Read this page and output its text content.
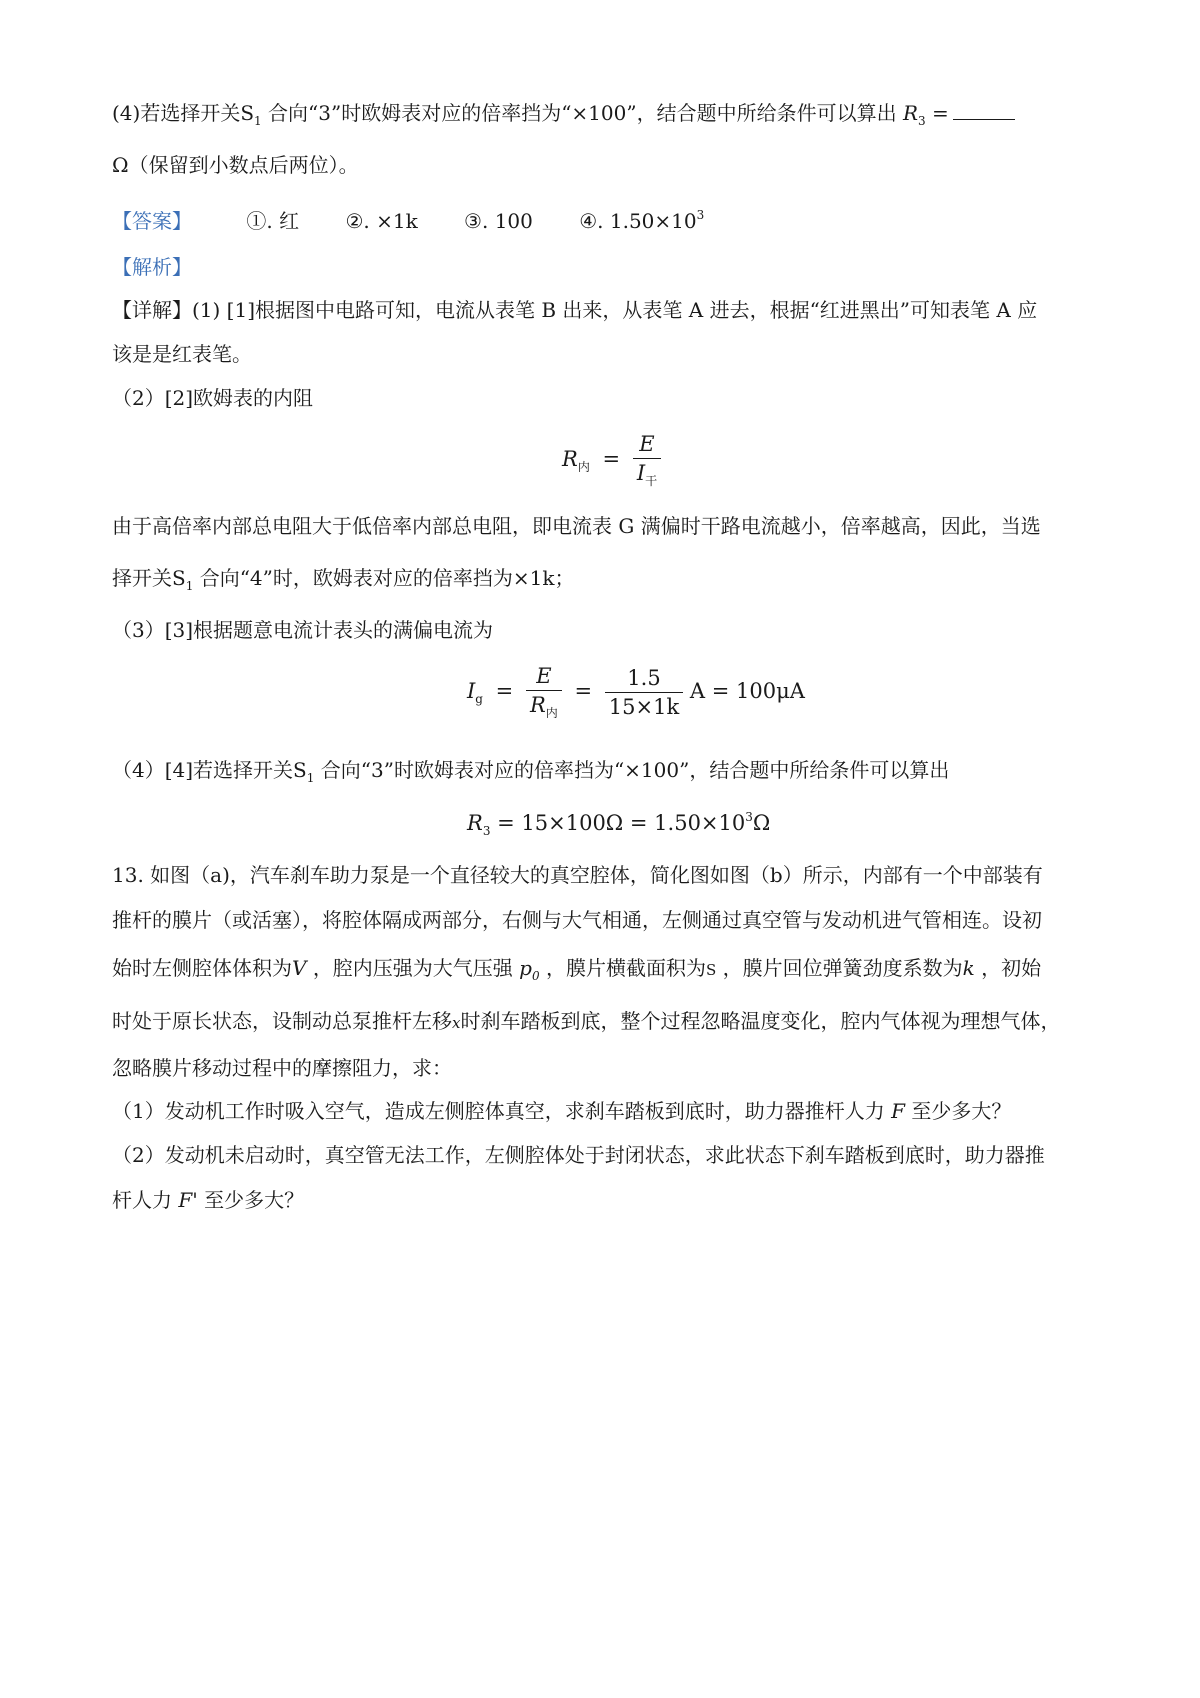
(4)若选择开关$S_1$ 合向“3”时欧姆表对应的倍率挡为“×100”，结合题中所给条件可以算出 $R_3$ =
Ω（保留到小数点后两位）。
【答案】	①. 红 ②. ×1k ③. 100 ④. $1.50\times 10^3$
【解析】
【详解】(1) [1]根据图中电路可知，电流从表笔 B 出来，从表笔 A 进去，根据“红进黑出”可知表笔 A 应
该是是红表笔。
（2）[2]欧姆表的内阻
$R_内 = \frac{E}{I_干}$
由于高倍率内部总电阻大于低倍率内部总电阻，即电流表 G 满偏时干路电流越小，倍率越高，因此，当选
择开关$S_1$ 合向“4”时，欧姆表对应的倍率挡为×1k；
（3）[3]根据题意电流计表头的满偏电流为
$I_g = \frac{E}{R_内} = \frac{1.5}{15\times 1k}$ A = 100μA
（4）[4]若选择开关$S_1$ 合向“3”时欧姆表对应的倍率挡为“×100”，结合题中所给条件可以算出
$R_3 = 15\times 100\Omega = 1.50\times 10^3\Omega$
13. 如图（a)，汽车刹车助力泵是一个直径较大的真空腔体，简化图如图（b）所示，内部有一个中部装有
推杆的膜片（或活塞），将腔体隔成两部分，右侧与大气相通，左侧通过真空管与发动机进气管相连。设初
始时左侧腔体体积为V ，腔内压强为大气压强 $p_0$ ，膜片横截面积为S ，膜片回位弹簧劲度系数为k ，初始
时处于原长状态，设制动总泵推杆左移x时刹车踏板到底，整个过程忽略温度变化，腔内气体视为理想气体，
忽略膜片移动过程中的摩擦阻力，求：
（1）发动机工作时吸入空气，造成左侧腔体真空，求刹车踏板到底时，助力器推杆人力 F 至少多大？
（2）发动机未启动时，真空管无法工作，左侧腔体处于封闭状态，求此状态下刹车踏板到底时，助力器推
杆人力 F' 至少多大？
